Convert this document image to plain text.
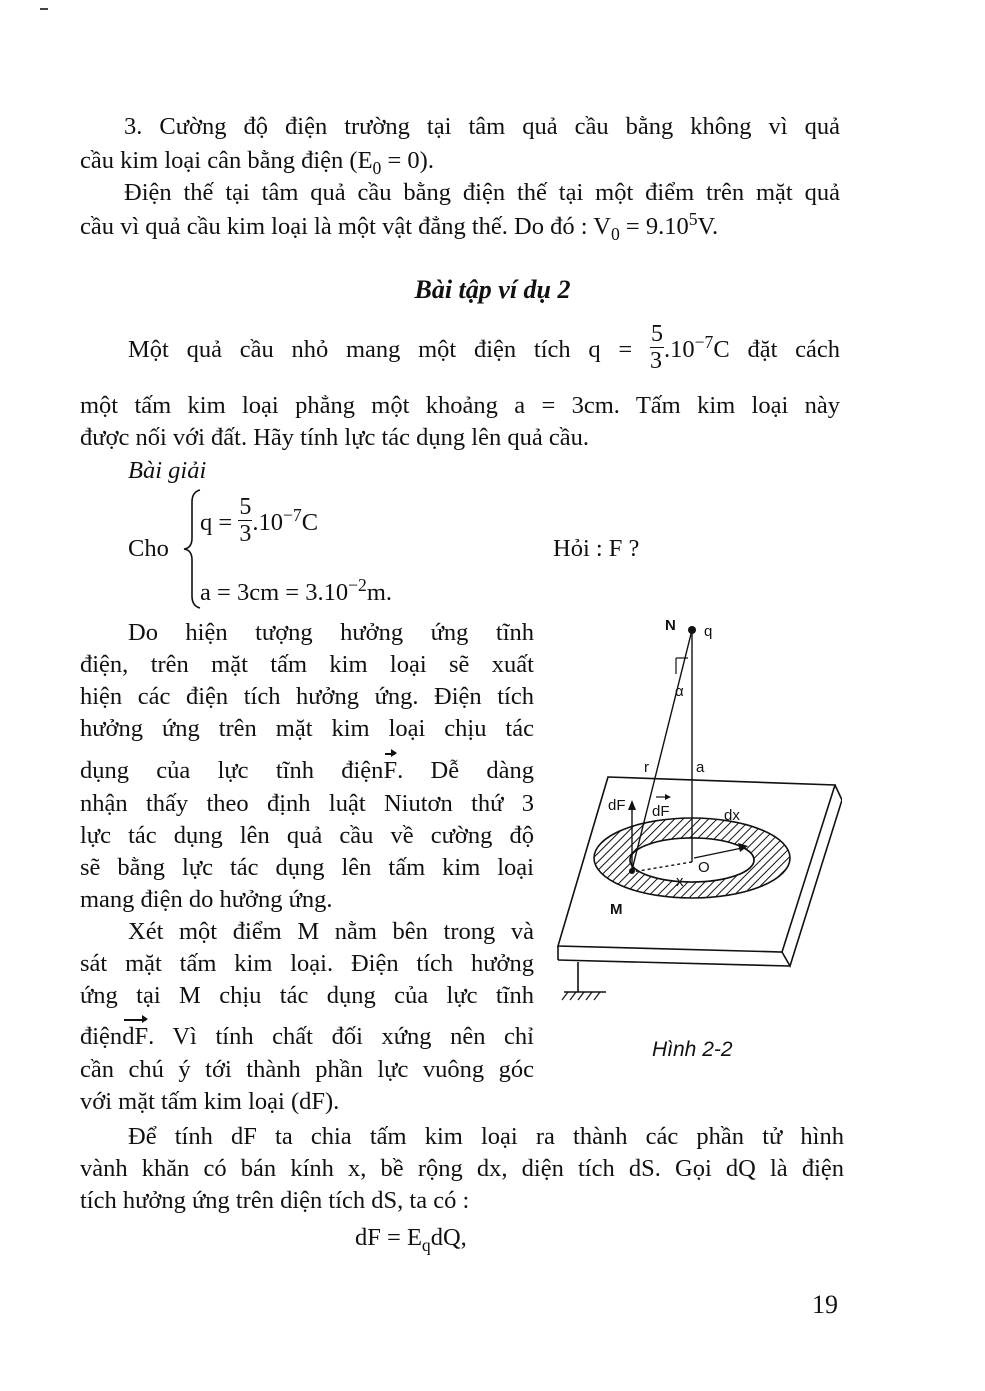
3. Cường độ điện trường tại tâm quả cầu bằng không vì quả
cầu kim loại cân bằng điện $(E_0 = 0)$.
Điện thế tại tâm quả cầu bằng điện thế tại một điểm trên mặt quả
cầu vì quả cầu kim loại là một vật đẳng thế. Do đó : $V_0 = 9.10^5V$.
Bài tập ví dụ 2
Một quả cầu nhỏ mang một điện tích $q = \frac{5}{3} .10^{-7}C$ đặt cách
một tấm kim loại phẳng một khoảng a = 3cm. Tấm kim loại này
được nối với đất. Hãy tính lực tác dụng lên quả cầu.
Bài giải
Cho
$q = \frac{5}{3} .10^{-7}C$
$a = 3cm = 3.10^{-2}m$.
Hỏi : F ?
Do hiện tượng hưởng ứng tĩnh
điện, trên mặt tấm kim loại sẽ xuất
hiện các điện tích hưởng ứng. Điện tích
hưởng ứng trên mặt kim loại chịu tác
dụng của lực tĩnh điệnF. Dễ dàng
nhận thấy theo định luật Niutơn thứ 3
lực tác dụng lên quả cầu về cường độ
sẽ bằng lực tác dụng lên tấm kim loại
mang điện do hưởng ứng.
Xét một điểm M nằm bên trong và
sát mặt tấm kim loại. Điện tích hưởng
ứng tại M chịu tác dụng của lực tĩnh
điệndF. Vì tính chất đối xứng nên chỉ
cần chú ý tới thành phần lực vuông góc
với mặt tấm kim loại (dF).
N q
α
r	a
dF dF	dx
O
x
M
Hình 2-2
Để tính dF ta chia tấm kim loại ra thành các phần tử hình
vành khăn có bán kính x, bề rộng dx, diện tích dS. Gọi dQ là điện
tích hưởng ứng trên diện tích dS, ta có :
dF = $E_qdQ$,
19
